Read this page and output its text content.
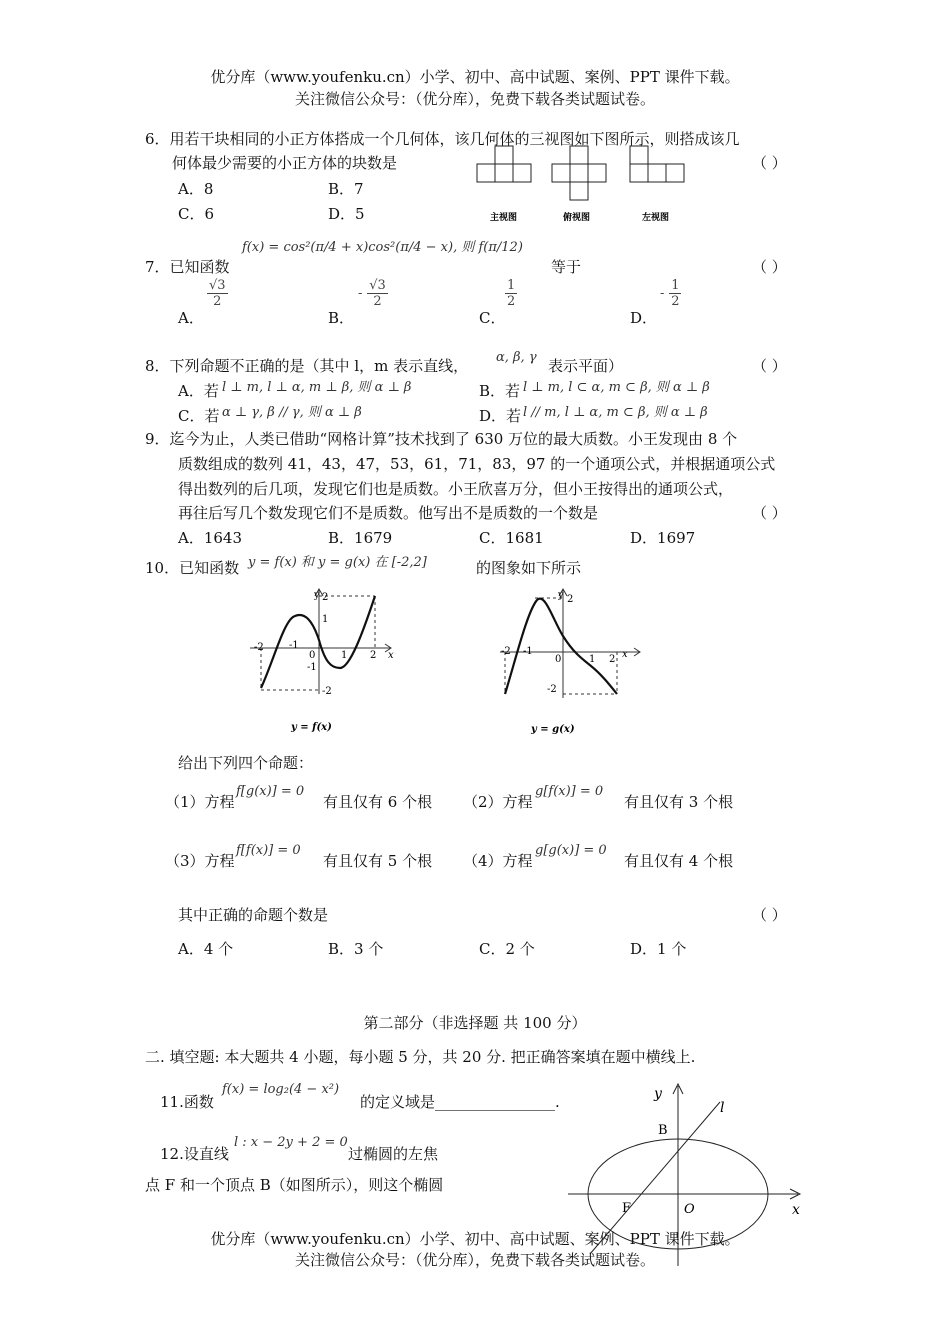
优分库（www.youfenku.cn）小学、初中、高中试题、案例、PPT 课件下载。
关注微信公众号：（优分库），免费下载各类试题试卷。
6．用若干块相同的小正方体搭成一个几何体，该几何体的三视图如下图所示，则搭成该几
何体最少需要的小正方体的块数是	（ ）
A．8	B．7
C．6	D．5	主视图	俯视图	左视图
7．已知函数
f(x) = cos²(π/4 + x)cos²(π/4 − x), 则 f(π/12)
等于	（ ）
A．
$\frac{√3}{2}$
B．
- $\frac{√3}{2}$
C．
$\frac{1}{2}$
D．
- $\frac{1}{2}$
8．下列命题不正确的是（其中 l，m 表示直线， α, β, γ 表示平面）	（ ）
A．若 l ⊥ m, l ⊥ α, m ⊥ β, 则 α ⊥ β	B．若 l ⊥ m, l ⊂ α, m ⊂ β, 则 α ⊥ β
C．若 α ⊥ γ, β // γ, 则 α ⊥ β	D．若 l // m, l ⊥ α, m ⊂ β, 则 α ⊥ β
9．迄今为止，人类已借助“网格计算”技术找到了 630 万位的最大质数。小王发现由 8 个
质数组成的数列 41，43，47，53，61，71，83，97 的一个通项公式，并根据通项公式
得出数列的后几项，发现它们也是质数。小王欣喜万分，但小王按得出的通项公式，
再往后写几个数发现它们不是质数。他写出不是质数的一个数是	（ ）
A．1643	B．1679	C．1681	D．1697
10．已知函数 y = f(x) 和 y = g(x) 在 [-2,2]	的图象如下所示
y 2
1
x
-2	-1
0	1 2
-1
-2
y = f(x)
y 2
x
-2 -1
0	1 2
-2
y = g(x)
给出下列四个命题：
（1）方程
f[g(x)] = 0
有且仅有 6 个根 （2）方程
g[f(x)] = 0
有且仅有 3 个根
（3）方程
f[f(x)] = 0
有且仅有 5 个根 （4）方程
g[g(x)] = 0
有且仅有 4 个根
其中正确的命题个数是	（ ）
A．4 个	B．3 个	C．2 个	D．1 个
第二部分（非选择题 共 100 分）
二. 填空题: 本大题共 4 小题，每小题 5 分，共 20 分. 把正确答案填在题中横线上.
11.函数
f(x) = log₂(4 − x²)
的定义域是________________.
12.设直线
l : x − 2y + 2 = 0
过椭圆的左焦
点 F 和一个顶点 B（如图所示），则这个椭圆
y
l
B
F	O	x
优分库（www.youfenku.cn）小学、初中、高中试题、案例、PPT 课件下载。
关注微信公众号：（优分库），免费下载各类试题试卷。
